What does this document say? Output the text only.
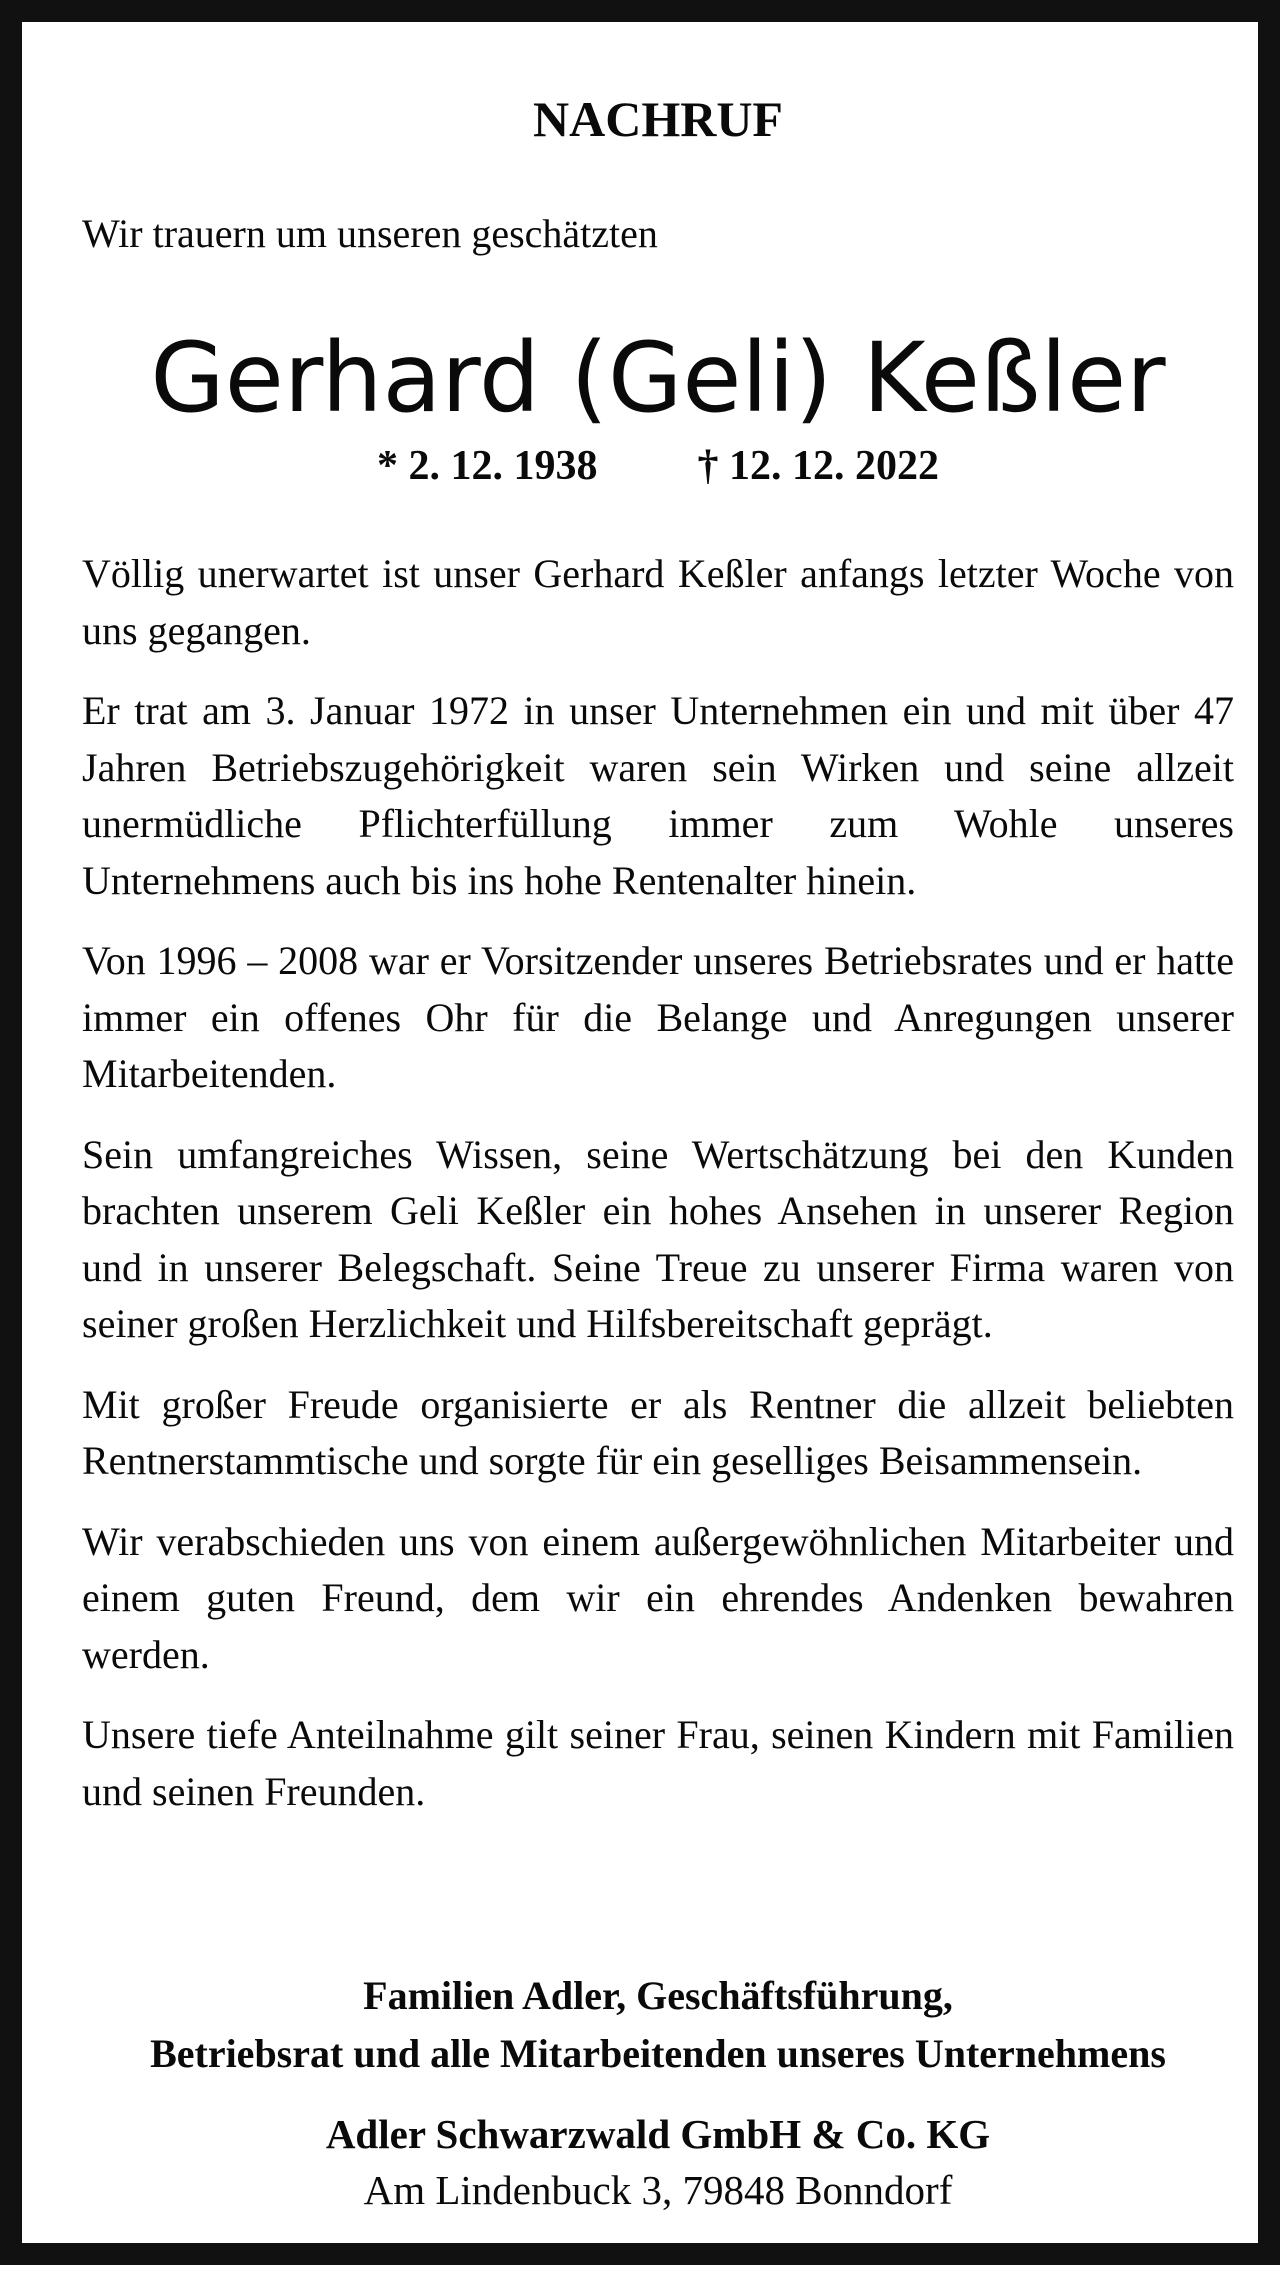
NACHRUF
Wir trauern um unseren geschätzten
Gerhard (Geli) Keßler
* 2. 12. 1938 † 12. 12. 2022

Völlig unerwartet ist unser Gerhard Keßler anfangs letzter Woche von uns gegangen.

Er trat am 3. Januar 1972 in unser Unternehmen ein und mit über 47 Jahren Betriebszugehörigkeit waren sein Wirken und seine allzeit unermüdliche Pflichterfüllung immer zum Wohle unseres Unternehmens auch bis ins hohe Rentenalter hinein.

Von 1996 – 2008 war er Vorsitzender unseres Betriebsrates und er hatte immer ein offenes Ohr für die Belange und Anregungen unserer Mitarbeitenden.

Sein umfangreiches Wissen, seine Wertschätzung bei den Kunden brachten unserem Geli Keßler ein hohes Ansehen in unserer Region und in unserer Belegschaft. Seine Treue zu unserer Firma waren von seiner großen Herzlichkeit und Hilfsbereitschaft geprägt.

Mit großer Freude organisierte er als Rentner die allzeit beliebten Rentnerstammtische und sorgte für ein geselliges Beisammensein.

Wir verabschieden uns von einem außergewöhnlichen Mitarbeiter und einem guten Freund, dem wir ein ehrendes Andenken bewahren werden.

Unsere tiefe Anteilnahme gilt seiner Frau, seinen Kindern mit Familien und seinen Freunden.

Familien Adler, Geschäftsführung,
Betriebsrat und alle Mitarbeitenden unseres Unternehmens
Adler Schwarzwald GmbH & Co. KG
Am Lindenbuck 3, 79848 Bonndorf
